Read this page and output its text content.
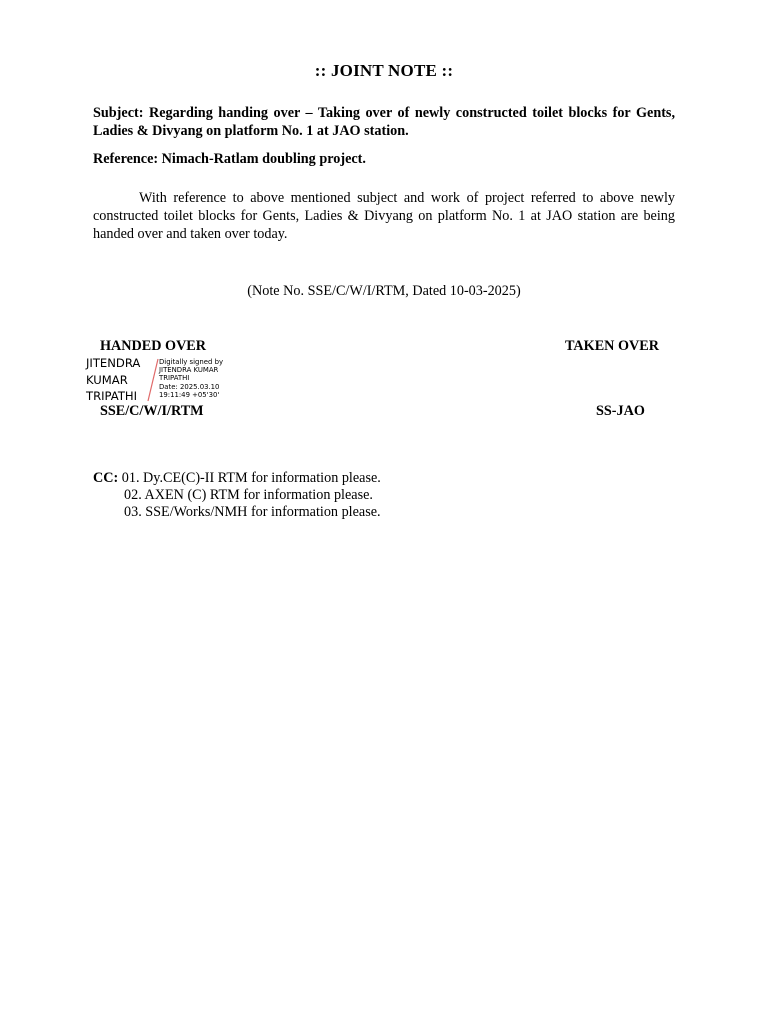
:: JOINT NOTE ::
Subject: Regarding handing over – Taking over of newly constructed toilet blocks for Gents, Ladies & Divyang on platform No. 1 at JAO station.
Reference: Nimach-Ratlam doubling project.
With reference to above mentioned subject and work of project referred to above newly constructed toilet blocks for Gents, Ladies & Divyang on platform No. 1 at JAO station are being handed over and taken over today.
(Note No. SSE/C/W/I/RTM, Dated 10-03-2025)
HANDED OVER	TAKEN OVER
JITENDRA
KUMAR
TRIPATHI
Digitally signed by
JITENDRA KUMAR
TRIPATHI
Date: 2025.03.10
19:11:49 +05'30'
SSE/C/W/I/RTM	SS-JAO
CC: 01. Dy.CE(C)-II RTM for information please.
02. AXEN (C) RTM for information please.
03. SSE/Works/NMH for information please.
